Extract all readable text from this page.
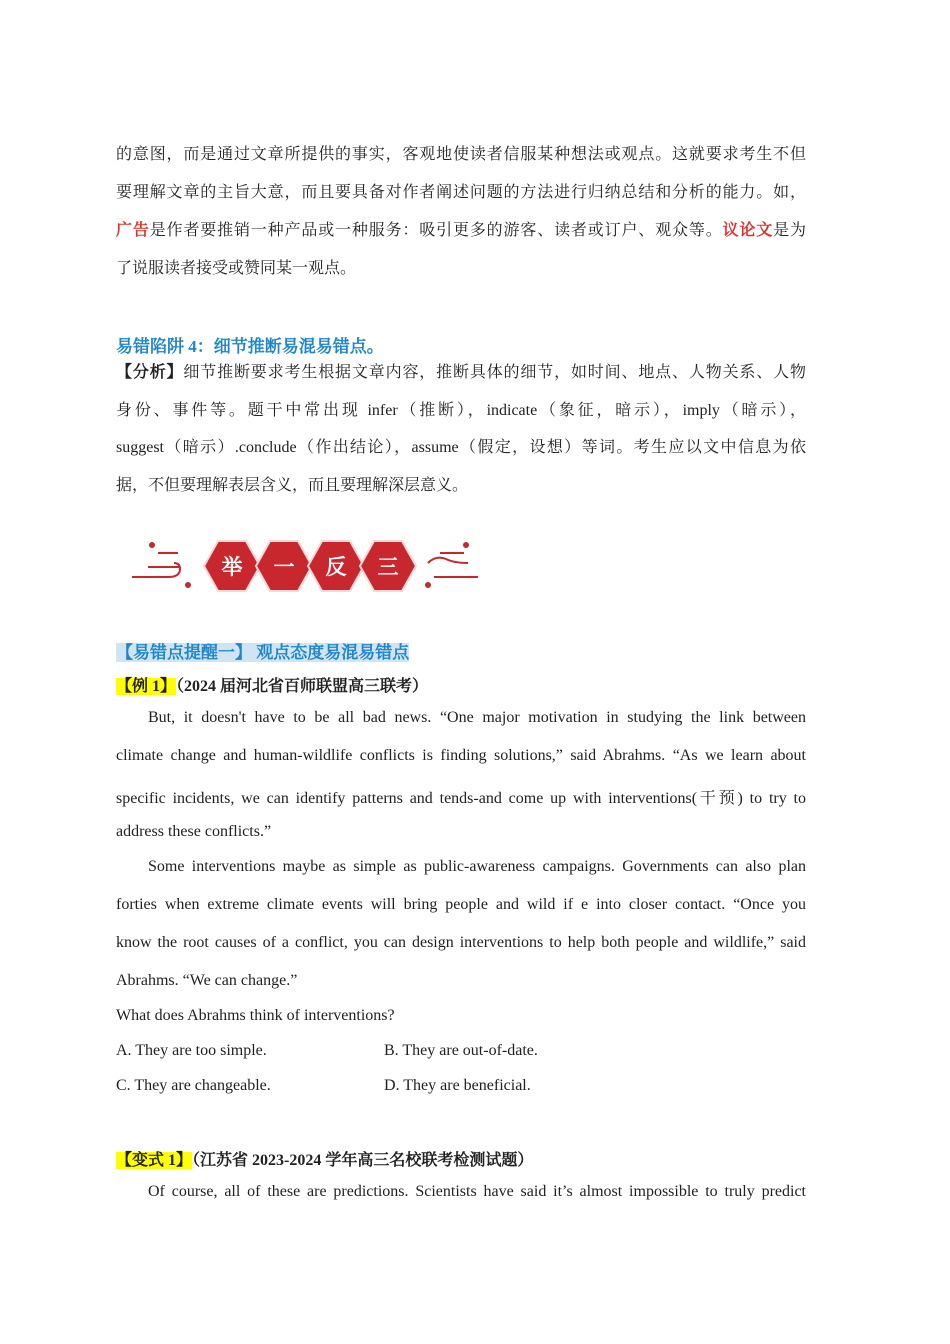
的意图，而是通过文章所提供的事实，客观地使读者信服某种想法或观点。这就要求考生不但
要理解文章的主旨大意，而且要具备对作者阐述问题的方法进行归纳总结和分析的能力。如，
广告是作者要推销一种产品或一种服务：吸引更多的游客、读者或订户、观众等。议论文是为
了说服读者接受或赞同某一观点。
易错陷阱 4：细节推断易混易错点。
【分析】细节推断要求考生根据文章内容，推断具体的细节，如时间、地点、人物关系、人物
身份、事件等。题干中常出现 infer（推断），indicate（象征，暗示），imply（暗示），
suggest（暗示）.conclude（作出结论），assume（假定，设想）等词。考生应以文中信息为依
据，不但要理解表层含义，而且要理解深层意义。
举 一 反 三
【易错点提醒一】 观点态度易混易错点
【例 1】（2024 届河北省百师联盟高三联考）
But, it doesn't have to be all bad news. “One major motivation in studying the link between
climate change and human-wildlife conflicts is finding solutions,” said Abrahms. “As we learn about
specific incidents, we can identify patterns and tends-and come up with interventions(干预) to try to
address these conflicts.”
Some interventions maybe as simple as public-awareness campaigns. Governments can also plan
forties when extreme climate events will bring people and wild if e into closer contact. “Once you
know the root causes of a conflict, you can design interventions to help both people and wildlife,” said
Abrahms. “We can change.”
What does Abrahms think of interventions?
A. They are too simple.	B. They are out-of-date.
C. They are changeable.	D. They are beneficial.
【变式 1】（江苏省 2023-2024 学年高三名校联考检测试题）
Of course, all of these are predictions. Scientists have said it’s almost impossible to truly predict
